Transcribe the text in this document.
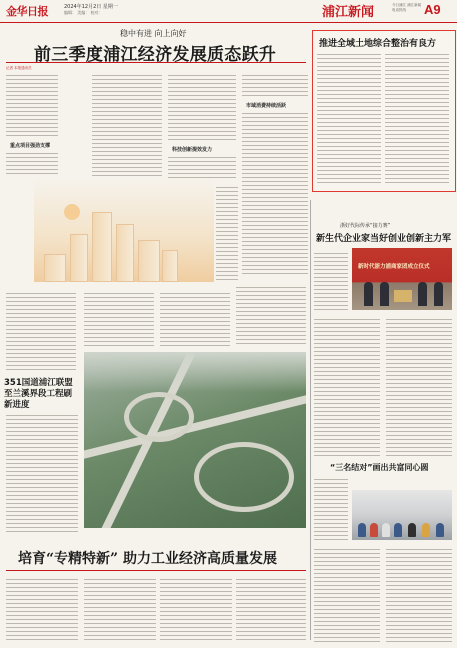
金华日报	2024年12月2日 星期一
编辑： 美编： 校对：	浦江新闻	今日浦江 浦江新闻 电话热线	A9
稳中有进 向上向好
前三季度浦江经济发展质态跃升
记者 本报通讯员
重点项目强劲支撑
科技创新提效发力
市域消费持续活跃
推进全域土地综合整治有良方
浙好代际传承“接力赛”
新生代企业家当好创业创新主力军
新时代浙力浦商家团成立仪式
351国道浦江联盟至兰溪界段工程刷新进度
“三名结对”画出共富同心圆
培育“专精特新” 助力工业经济高质量发展
